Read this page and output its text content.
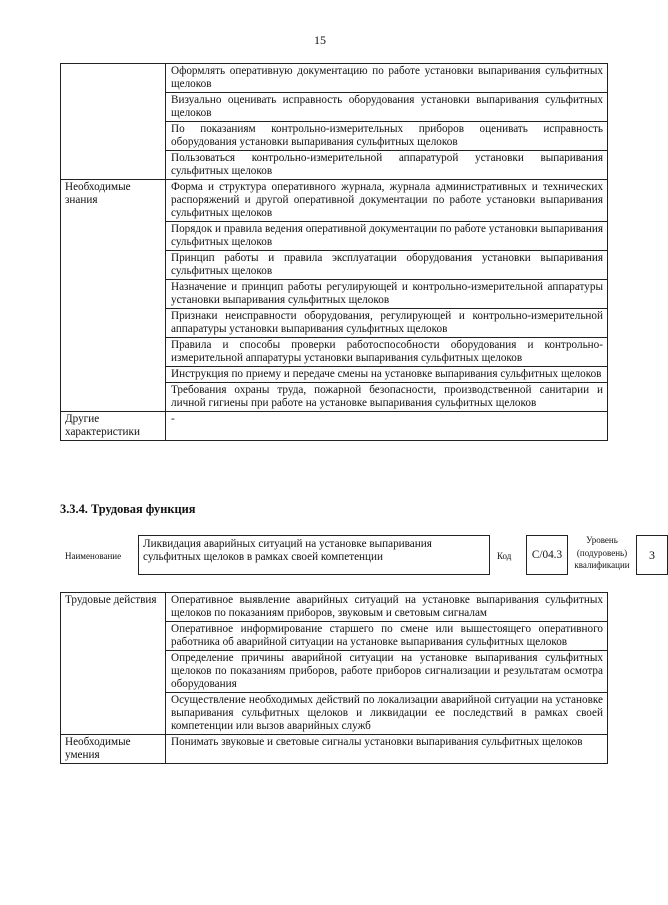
15
	Оформлять оперативную документацию по работе установки выпаривания сульфитных щелоков
	Визуально оценивать исправность оборудования установки выпаривания сульфитных щелоков
	По показаниям контрольно-измерительных приборов оценивать исправность оборудования установки выпаривания сульфитных щелоков
	Пользоваться контрольно-измерительной аппаратурой установки выпаривания сульфитных щелоков
Необходимые знания	Форма и структура оперативного журнала, журнала административных и технических распоряжений и другой оперативной документации по работе установки выпаривания сульфитных щелоков
	Порядок и правила ведения оперативной документации по работе установки выпаривания сульфитных щелоков
	Принцип работы и правила эксплуатации оборудования установки выпаривания сульфитных щелоков
	Назначение и принцип работы регулирующей и контрольно-измерительной аппаратуры установки выпаривания сульфитных щелоков
	Признаки неисправности оборудования, регулирующей и контрольно-измерительной аппаратуры установки выпаривания сульфитных щелоков
	Правила и способы проверки работоспособности оборудования и контрольно-измерительной аппаратуры установки выпаривания сульфитных щелоков
	Инструкция по приему и передаче смены на установке выпаривания сульфитных щелоков
	Требования охраны труда, пожарной безопасности, производственной санитарии и личной гигиены при работе на установке выпаривания сульфитных щелоков
Другие характеристики	-
3.3.4. Трудовая функция
Наименование
Ликвидация аварийных ситуаций на установке выпаривания сульфитных щелоков в рамках своей компетенции	Код	C/04.3
Уровень (подуровень) квалификации
3
Трудовые действия	Оперативное выявление аварийных ситуаций на установке выпаривания сульфитных щелоков по показаниям приборов, звуковым и световым сигналам
	Оперативное информирование старшего по смене или вышестоящего оперативного работника об аварийной ситуации на установке выпаривания сульфитных щелоков
	Определение причины аварийной ситуации на установке выпаривания сульфитных щелоков по показаниям приборов, работе приборов сигнализации и результатам осмотра оборудования
	Осуществление необходимых действий по локализации аварийной ситуации на установке выпаривания сульфитных щелоков и ликвидации ее последствий в рамках своей компетенции или вызов аварийных служб
Необходимые умения	Понимать звуковые и световые сигналы установки выпаривания сульфитных щелоков
